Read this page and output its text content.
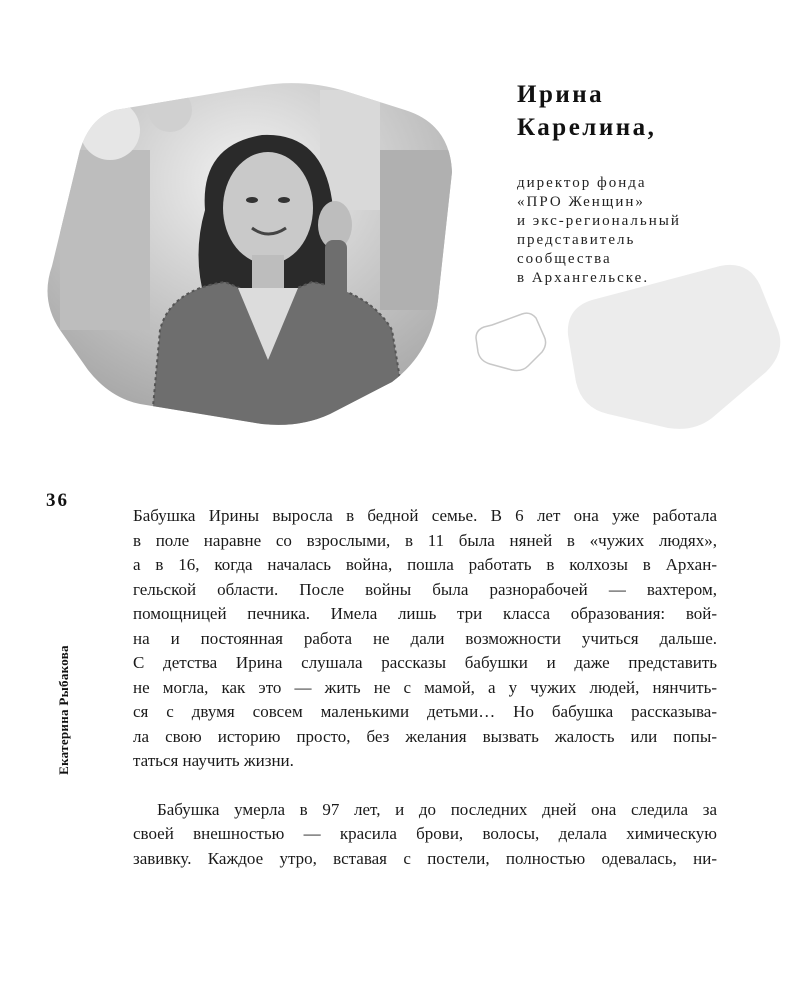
Ирина
Карелина,

директор фонда
«ПРО Женщин»
и экс-региональный
представитель
сообщества
в Архангельске.

36
Екатерина Рыбакова
Бабушка Ирины выросла в бедной семье. В 6 лет она уже работала
в поле наравне со взрослыми, в 11 была няней в «чужих людях»,
а в 16, когда началась война, пошла работать в колхозы в Архан-
гельской области. После войны была разнорабочей — вахтером,
помощницей печника. Имела лишь три класса образования: вой-
на и постоянная работа не дали возможности учиться дальше.
С детства Ирина слушала рассказы бабушки и даже представить
не могла, как это — жить не с мамой, а у чужих людей, нянчить-
ся с двумя совсем маленькими детьми… Но бабушка рассказыва-
ла свою историю просто, без желания вызвать жалость или попы-
таться научить жизни.
Бабушка умерла в 97 лет, и до последних дней она следила за
своей внешностью — красила брови, волосы, делала химическую
завивку. Каждое утро, вставая с постели, полностью одевалась, ни-
